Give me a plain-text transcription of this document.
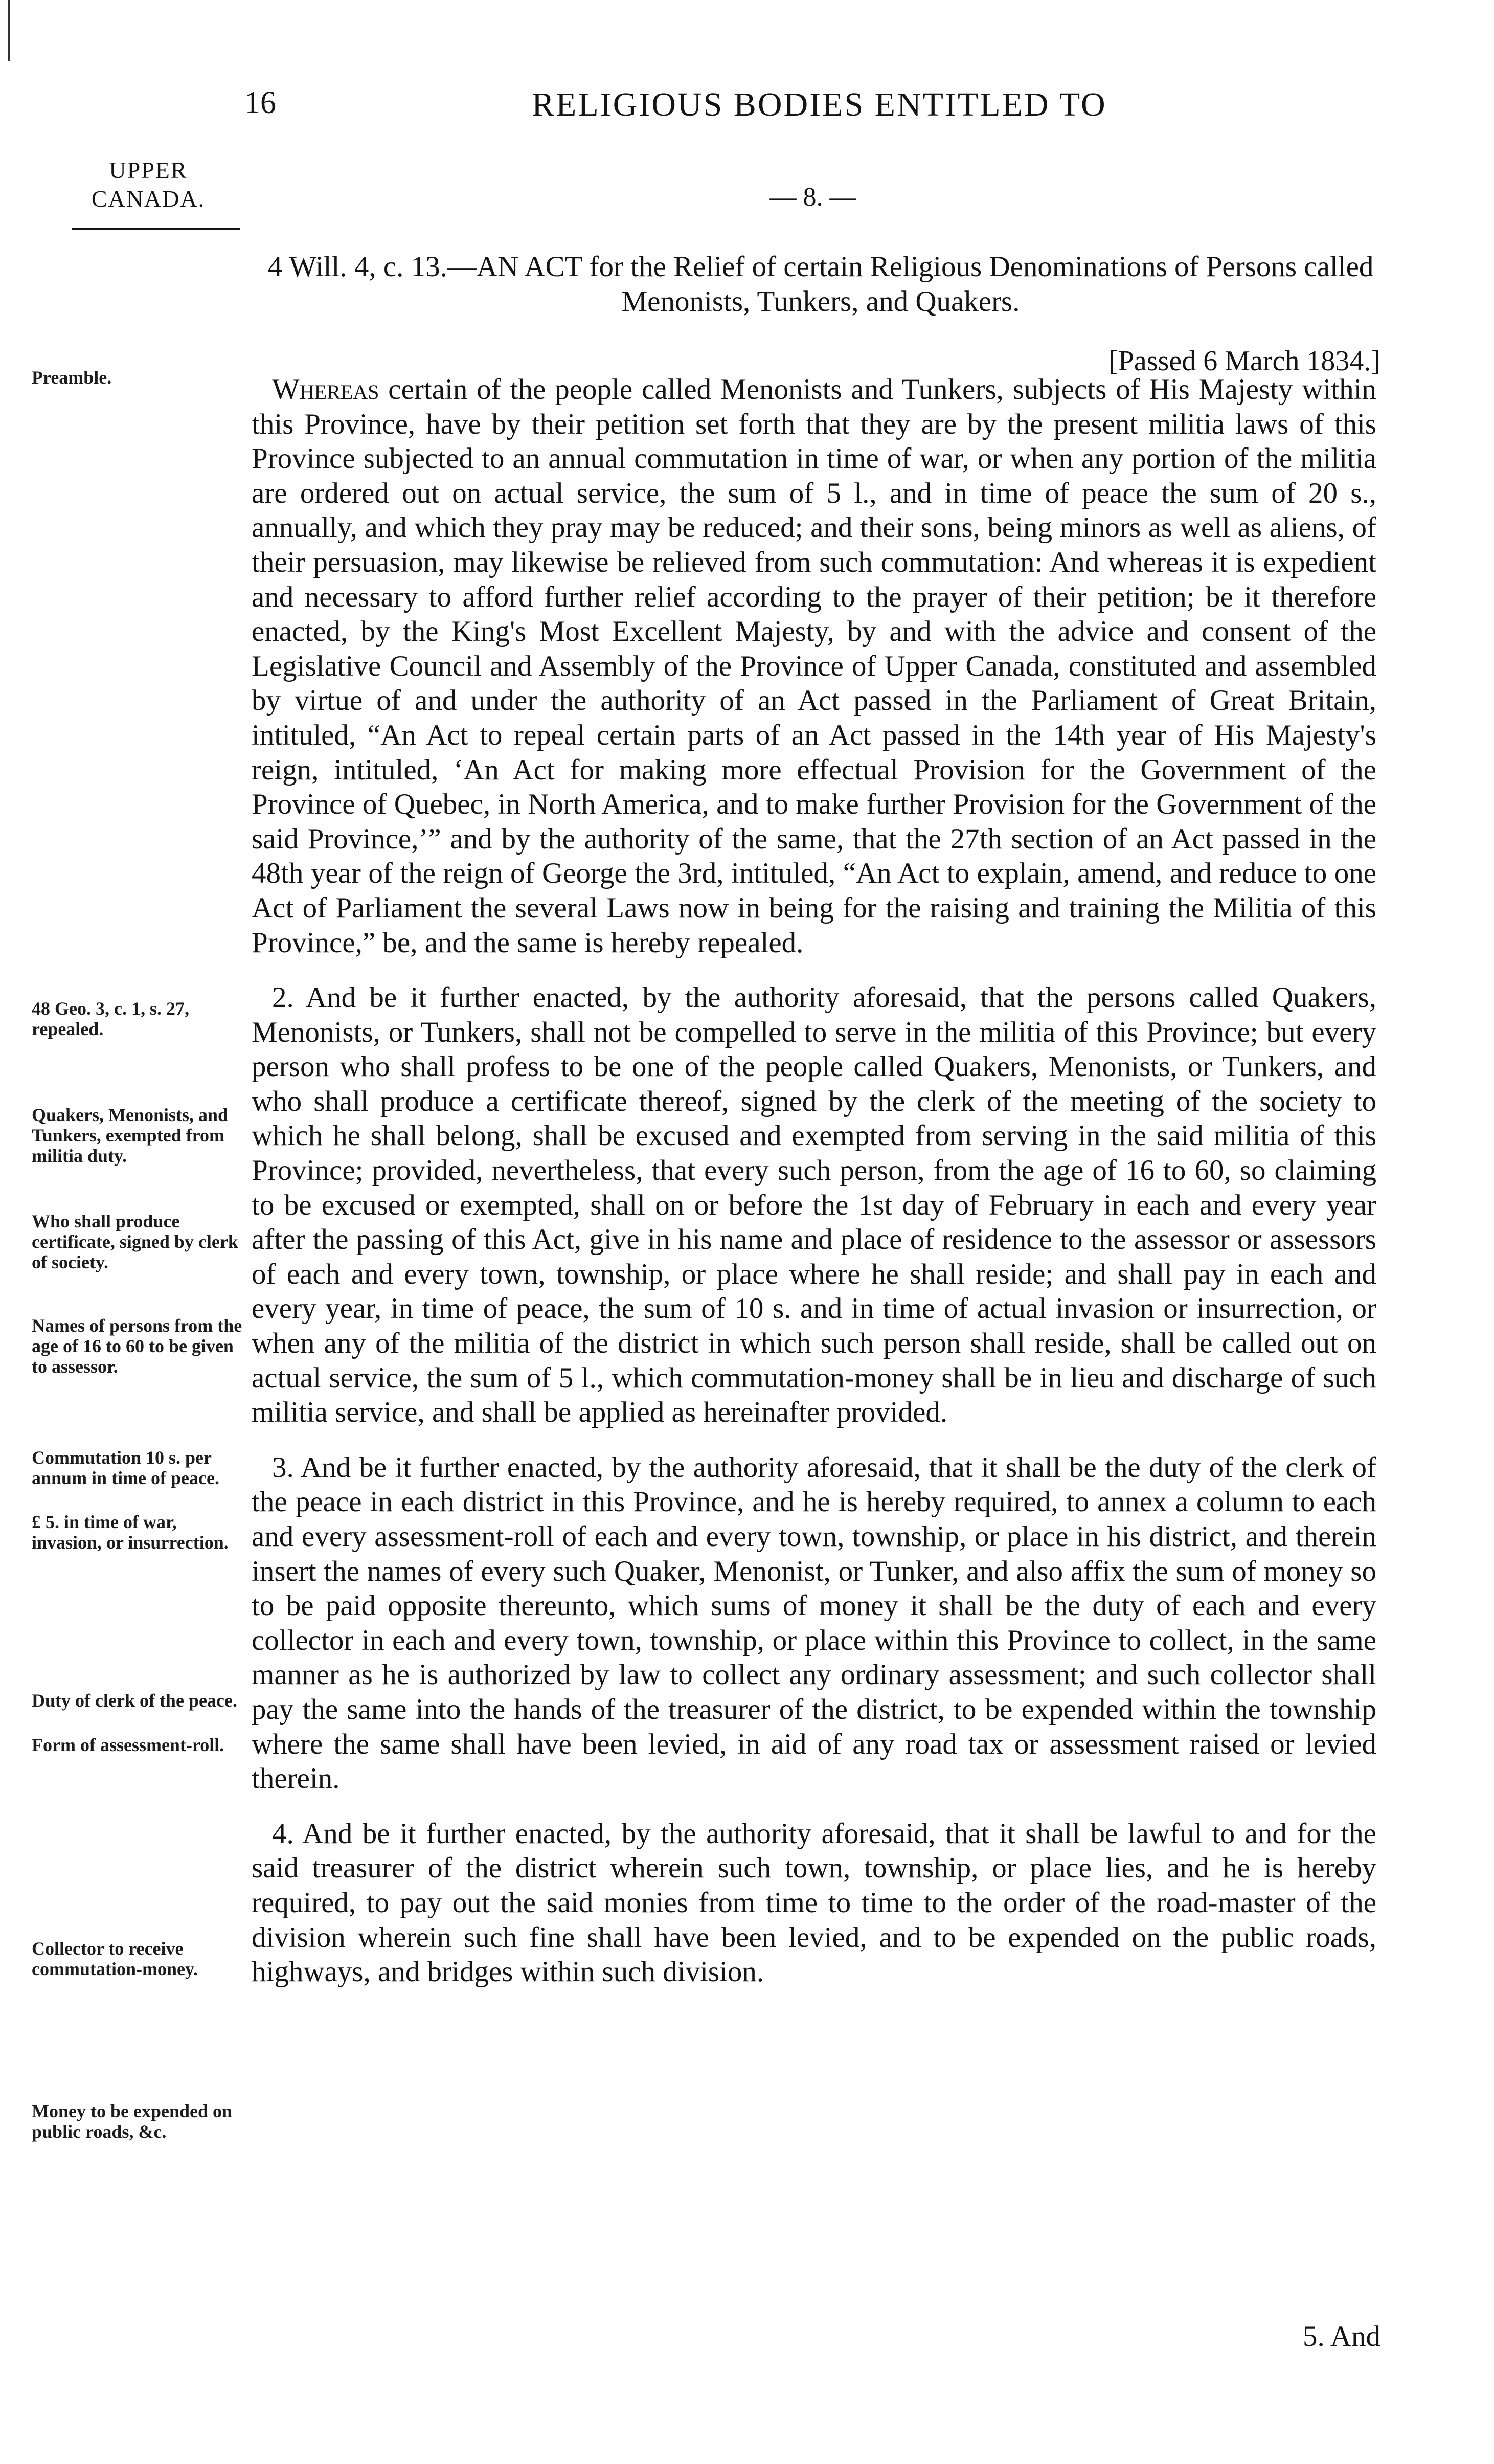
16	RELIGIOUS BODIES ENTITLED TO
UPPER
CANADA.	— 8. —
4 Will. 4, c. 13.—AN ACT for the Relief of certain Religious Denominations of Persons called Menonists, Tunkers, and Quakers.
[Passed 6 March 1834.]
Preamble.
48 Geo. 3, c. 1, s. 27, repealed.
Quakers, Menonists, and Tunkers, exempted from militia duty.
Who shall produce certificate, signed by clerk of society.
Names of persons from the age of 16 to 60 to be given to assessor.
Commutation 10 s. per annum in time of peace.
£ 5. in time of war, invasion, or insurrection.
Duty of clerk of the peace.
Form of assessment-roll.
Collector to receive commutation-money.
Money to be expended on public roads, &c.

Whereas certain of the people called Menonists and Tunkers, subjects of His Majesty within this Province, have by their petition set forth that they are by the present militia laws of this Province subjected to an annual commutation in time of war, or when any portion of the militia are ordered out on actual service, the sum of 5 l., and in time of peace the sum of 20 s., annually, and which they pray may be reduced; and their sons, being minors as well as aliens, of their persuasion, may likewise be relieved from such commutation: And whereas it is expedient and necessary to afford further relief according to the prayer of their petition; be it therefore enacted, by the King's Most Excellent Majesty, by and with the advice and consent of the Legislative Council and Assembly of the Province of Upper Canada, constituted and assembled by virtue of and under the authority of an Act passed in the Parliament of Great Britain, intituled, “An Act to repeal certain parts of an Act passed in the 14th year of His Majesty's reign, intituled, ‘An Act for making more effectual Provision for the Government of the Province of Quebec, in North America, and to make further Provision for the Government of the said Province,’” and by the authority of the same, that the 27th section of an Act passed in the 48th year of the reign of George the 3rd, intituled, “An Act to explain, amend, and reduce to one Act of Parliament the several Laws now in being for the raising and training the Militia of this Province,” be, and the same is hereby repealed.

2. And be it further enacted, by the authority aforesaid, that the persons called Quakers, Menonists, or Tunkers, shall not be compelled to serve in the militia of this Province; but every person who shall profess to be one of the people called Quakers, Menonists, or Tunkers, and who shall produce a certificate thereof, signed by the clerk of the meeting of the society to which he shall belong, shall be excused and exempted from serving in the said militia of this Province; provided, nevertheless, that every such person, from the age of 16 to 60, so claiming to be excused or exempted, shall on or before the 1st day of February in each and every year after the passing of this Act, give in his name and place of residence to the assessor or assessors of each and every town, township, or place where he shall reside; and shall pay in each and every year, in time of peace, the sum of 10 s. and in time of actual invasion or insurrection, or when any of the militia of the district in which such person shall reside, shall be called out on actual service, the sum of 5 l., which commutation-money shall be in lieu and discharge of such militia service, and shall be applied as hereinafter provided.

3. And be it further enacted, by the authority aforesaid, that it shall be the duty of the clerk of the peace in each district in this Province, and he is hereby required, to annex a column to each and every assessment-roll of each and every town, township, or place in his district, and therein insert the names of every such Quaker, Menonist, or Tunker, and also affix the sum of money so to be paid opposite thereunto, which sums of money it shall be the duty of each and every collector in each and every town, township, or place within this Province to collect, in the same manner as he is authorized by law to collect any ordinary assessment; and such collector shall pay the same into the hands of the treasurer of the district, to be expended within the township where the same shall have been levied, in aid of any road tax or assessment raised or levied therein.

4. And be it further enacted, by the authority aforesaid, that it shall be lawful to and for the said treasurer of the district wherein such town, township, or place lies, and he is hereby required, to pay out the said monies from time to time to the order of the road-master of the division wherein such fine shall have been levied, and to be expended on the public roads, highways, and bridges within such division.

5. And
